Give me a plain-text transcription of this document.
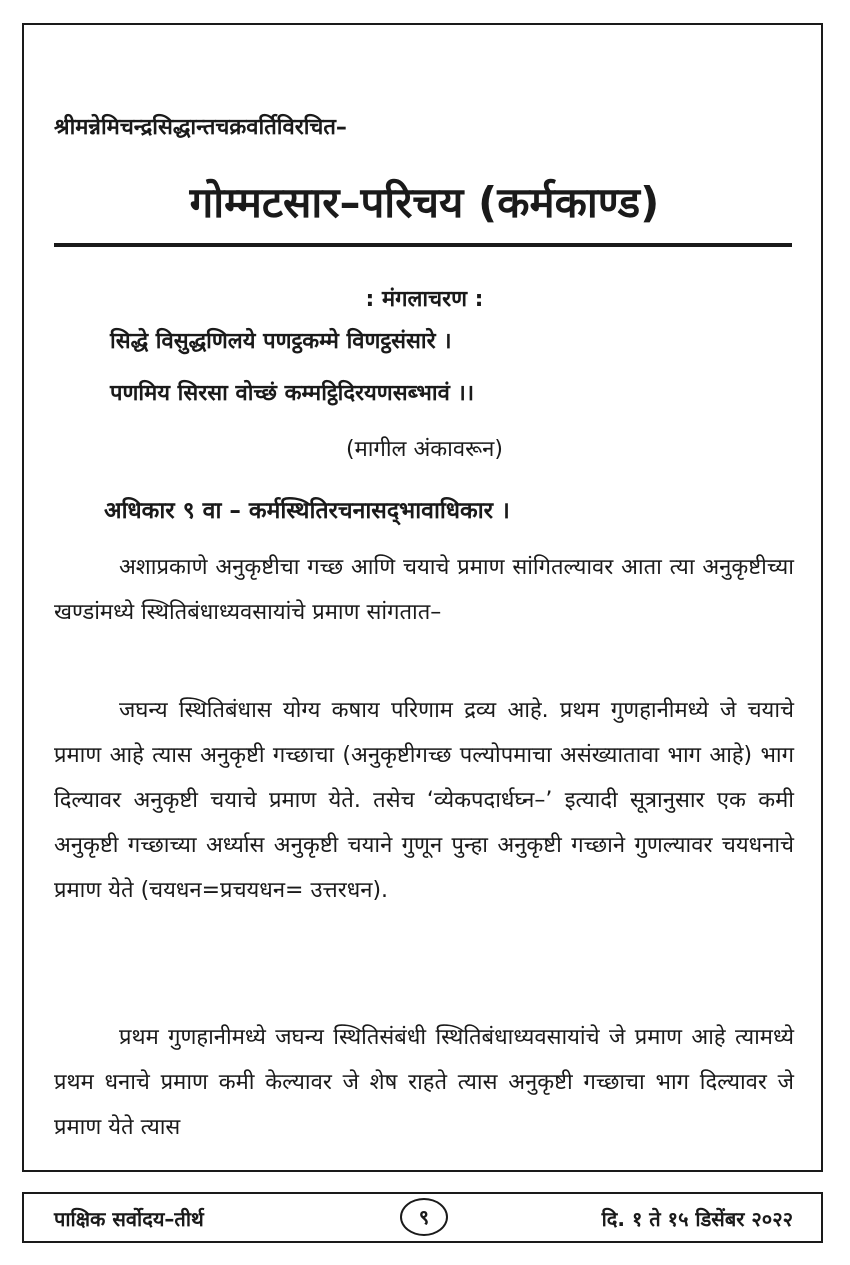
श्रीमन्नेमिचन्द्रसिद्धान्तचक्रवर्तिविरचित–
गोम्मटसार–परिचय (कर्मकाण्ड)
: मंगलाचरण :
सिद्धे विसुद्धणिलये पणट्ठकम्मे विणट्ठसंसारे ।
पणमिय सिरसा वोच्छं कम्मट्ठिदिरयणसब्भावं ।।
(मागील अंकावरून)
अधिकार ९ वा – कर्मस्थितिरचनासद्‌भावाधिकार ।

अशाप्रकाणे अनुकृष्टीचा गच्छ आणि चयाचे प्रमाण सांगितल्यावर आता त्या अनुकृष्टीच्या खण्डांमध्ये स्थितिबंधाध्यवसायांचे प्रमाण सांगतात–

जघन्य स्थितिबंधास योग्य कषाय परिणाम द्रव्य आहे. प्रथम गुणहानीमध्ये जे चयाचे प्रमाण आहे त्यास अनुकृष्टी गच्छाचा (अनुकृष्टीगच्छ पल्योपमाचा असंख्यातावा भाग आहे) भाग दिल्यावर अनुकृष्टी चयाचे प्रमाण येते. तसेच ‘व्येकपदार्धघ्न–’ इत्यादी सूत्रानुसार एक कमी अनुकृष्टी गच्छाच्या अर्ध्यास अनुकृष्टी चयाने गुणून पुन्हा अनुकृष्टी गच्छाने गुणल्यावर चयधनाचे प्रमाण येते (चयधन=प्रचयधन= उत्तरधन).

प्रथम गुणहानीमध्ये जघन्य स्थितिसंबंधी स्थितिबंधाध्यवसायांचे जे प्रमाण आहे त्यामध्ये प्रथम धनाचे प्रमाण कमी केल्यावर जे शेष राहते त्यास अनुकृष्टी गच्छाचा भाग दिल्यावर जे प्रमाण येते त्यास

पाक्षिक सर्वोदय–तीर्थ	९	दि. १ ते १५ डिसेंबर २०२२
